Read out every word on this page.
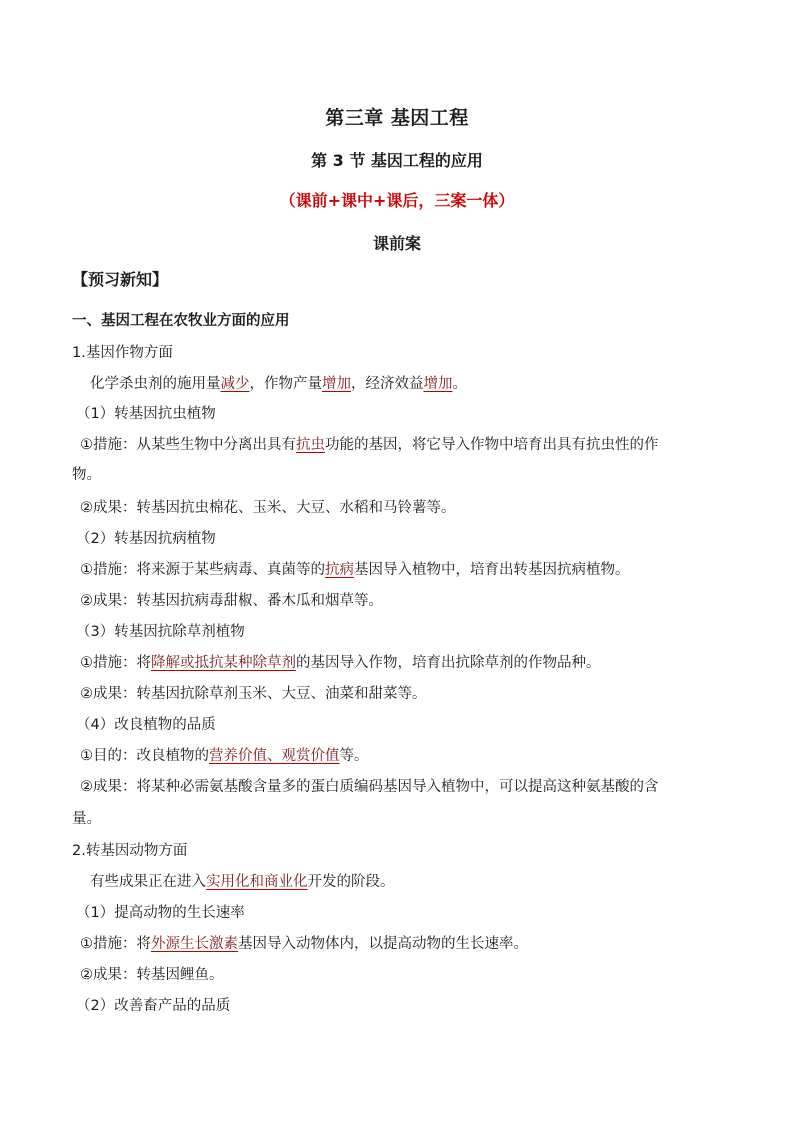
第三章 基因工程
第 3 节 基因工程的应用
（课前+课中+课后，三案一体）
课前案
【预习新知】
一、基因工程在农牧业方面的应用
1.基因作物方面
化学杀虫剂的施用量减少，作物产量增加，经济效益增加。
（1）转基因抗虫植物
①措施：从某些生物中分离出具有抗虫功能的基因，将它导入作物中培育出具有抗虫性的作
物。
②成果：转基因抗虫棉花、玉米、大豆、水稻和马铃薯等。
（2）转基因抗病植物
①措施：将来源于某些病毒、真菌等的抗病基因导入植物中，培育出转基因抗病植物。
②成果：转基因抗病毒甜椒、番木瓜和烟草等。
（3）转基因抗除草剂植物
①措施：将降解或抵抗某种除草剂的基因导入作物，培育出抗除草剂的作物品种。
②成果：转基因抗除草剂玉米、大豆、油菜和甜菜等。
（4）改良植物的品质
①目的：改良植物的营养价值、观赏价值等。
②成果：将某种必需氨基酸含量多的蛋白质编码基因导入植物中，可以提高这种氨基酸的含
量。
2.转基因动物方面
有些成果正在进入实用化和商业化开发的阶段。
（1）提高动物的生长速率
①措施：将外源生长激素基因导入动物体内，以提高动物的生长速率。
②成果：转基因鲤鱼。
（2）改善畜产品的品质
